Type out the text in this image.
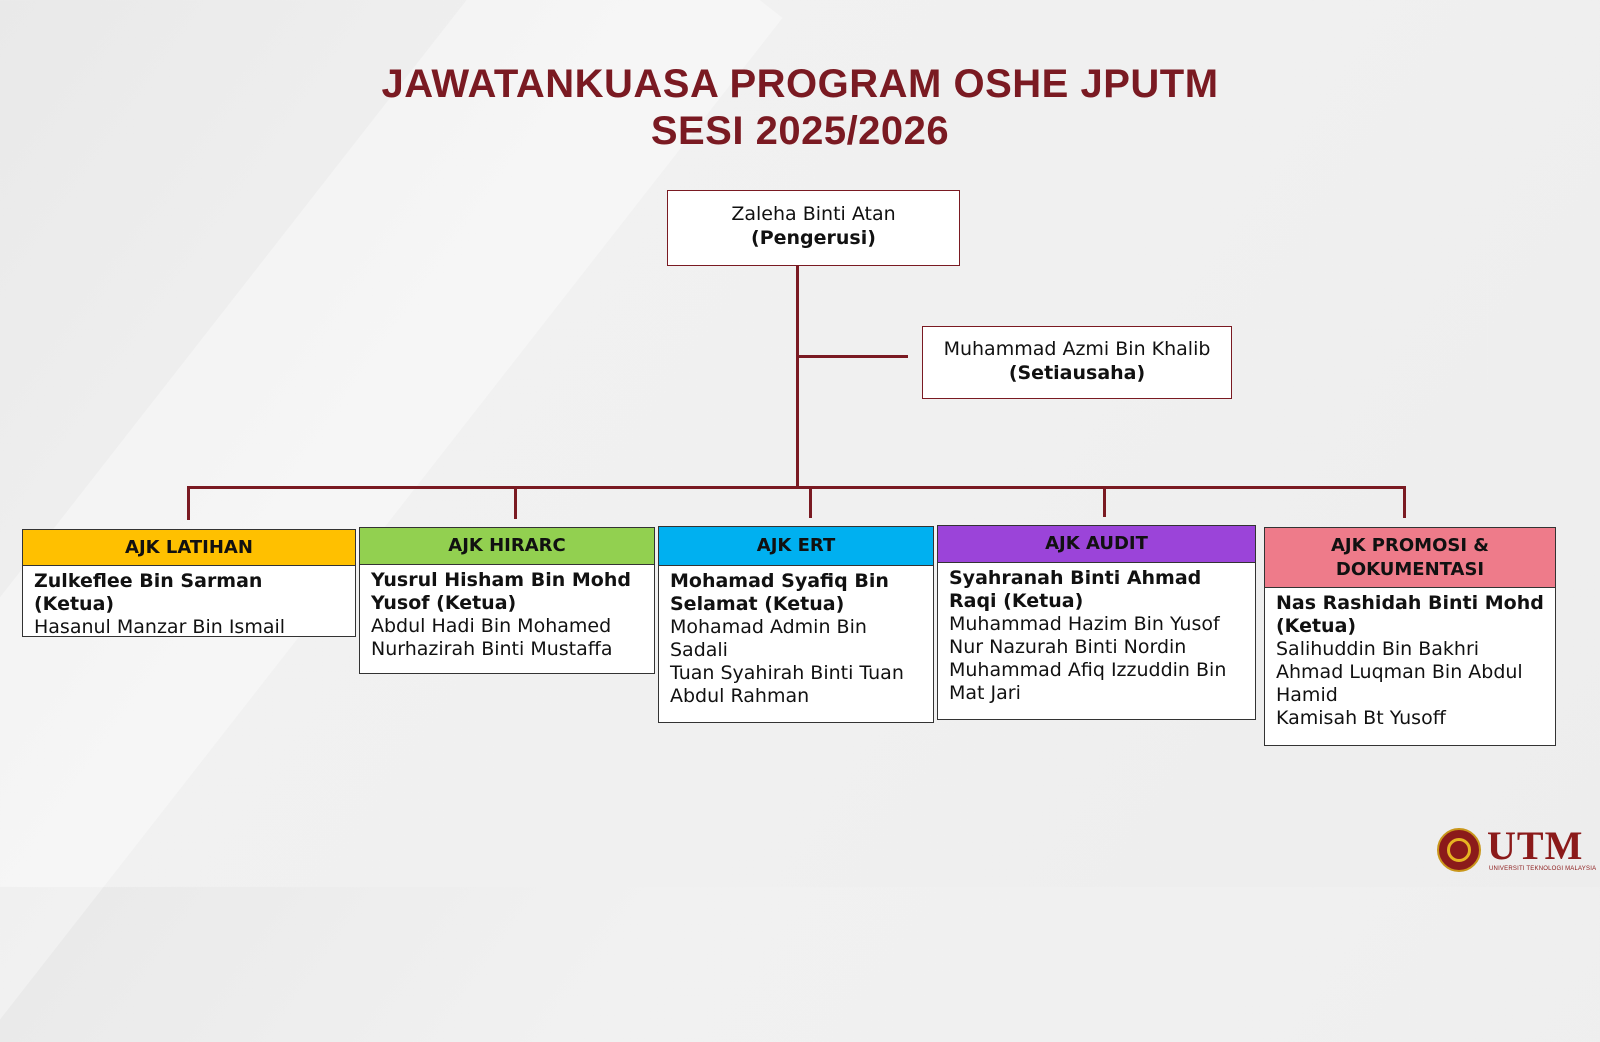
JAWATANKUASA PROGRAM OSHE JPUTM
SESI 2025/2026
Zaleha Binti Atan
(Pengerusi)
Muhammad Azmi Bin Khalib
(Setiausaha)
AJK LATIHAN
Zulkeflee Bin Sarman (Ketua)
Hasanul Manzar Bin Ismail
AJK HIRARC
Yusrul Hisham Bin Mohd Yusof (Ketua)
Abdul Hadi Bin Mohamed
Nurhazirah Binti Mustaffa
AJK ERT
Mohamad Syafiq Bin Selamat (Ketua)
Mohamad Admin Bin Sadali
Tuan Syahirah Binti Tuan Abdul Rahman
AJK AUDIT
Syahranah Binti Ahmad Raqi (Ketua)
Muhammad Hazim Bin Yusof
Nur Nazurah Binti Nordin
Muhammad Afiq Izzuddin Bin Mat Jari
AJK PROMOSI & DOKUMENTASI
Nas Rashidah Binti Mohd (Ketua)
Salihuddin Bin Bakhri
Ahmad Luqman Bin Abdul Hamid
Kamisah Bt Yusoff
UTM
UNIVERSITI TEKNOLOGI MALAYSIA
